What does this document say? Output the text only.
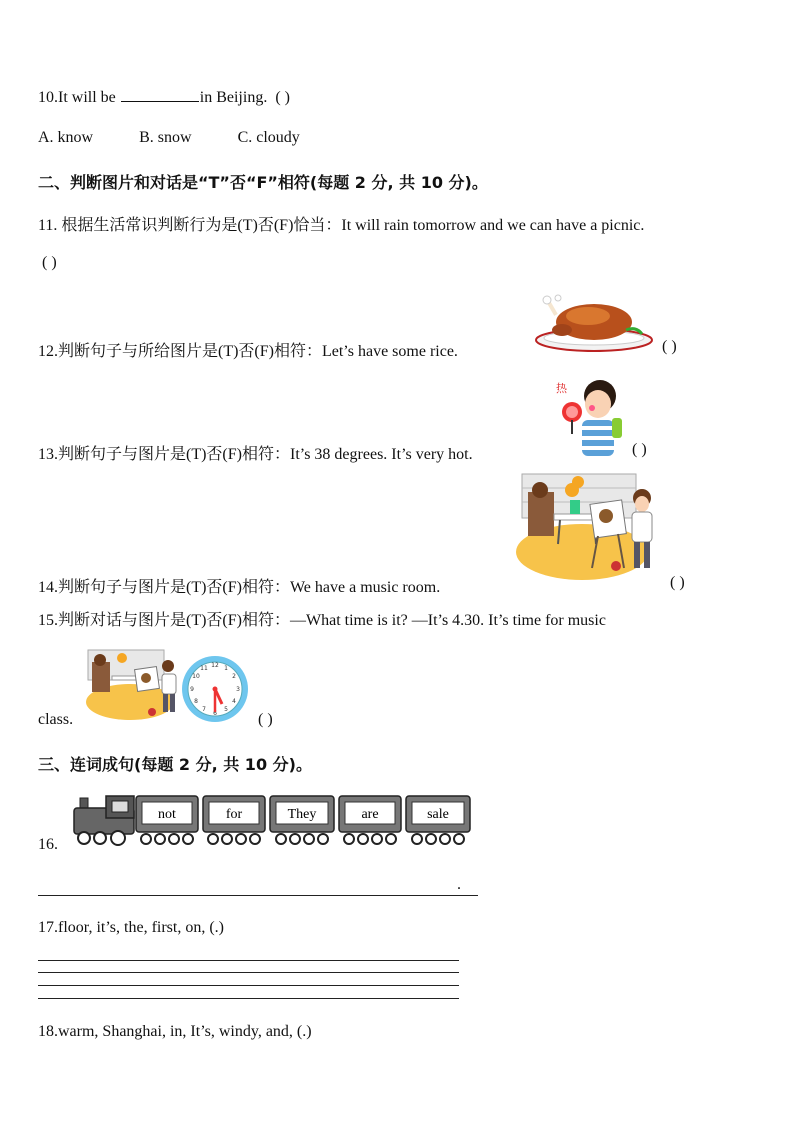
10.It will be	in Beijing. ( )
A. know	B. snow	C. cloudy
二、判断图片和对话是“T”否“F”相符(每题 2 分, 共 10 分)。
11. 根据生活常识判断行为是(T)否(F)恰当：It will rain tomorrow and we can have a picnic.
( )
12.判断句子与所给图片是(T)否(F)相符：Let’s have some rice.	( )
13.判断句子与图片是(T)否(F)相符：It’s 38 degrees. It’s very hot.
热
( )
14.判断句子与图片是(T)否(F)相符：We have a music room.	( )
15.判断对话与图片是(T)否(F)相符：—What time is it? —It’s 4.30. It’s time for music
12 1
2
3
4
5
6
7
8
9
10
11
class.	( )
三、连词成句(每题 2 分, 共 10 分)。
16.
not	for	They	are	sale
.
17.floor, it’s, the, first, on, (.)
18.warm, Shanghai, in, It’s, windy, and, (.)
